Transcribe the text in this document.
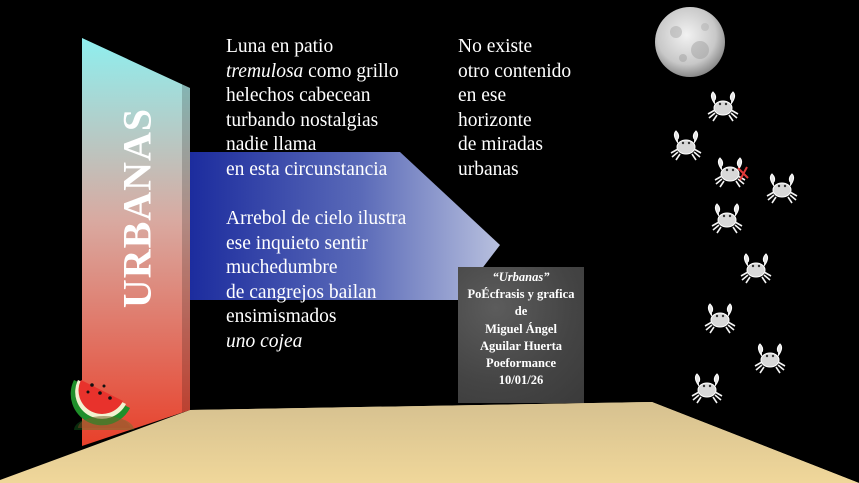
URBANAS

Luna en patio
tremulosa como grillo
helechos cabecean
turbando nostalgias
nadie llama
en esta circunstancia

Arrebol de cielo ilustra
ese inquieto sentir
muchedumbre
de cangrejos bailan
ensimismados
uno cojea

No existe
otro contenido
en ese
horizonte
de miradas
urbanas

“Urbanas”
PoÉcfrasis y grafica
de
Miguel Ángel
Aguilar Huerta
Poeformance
10/01/26
